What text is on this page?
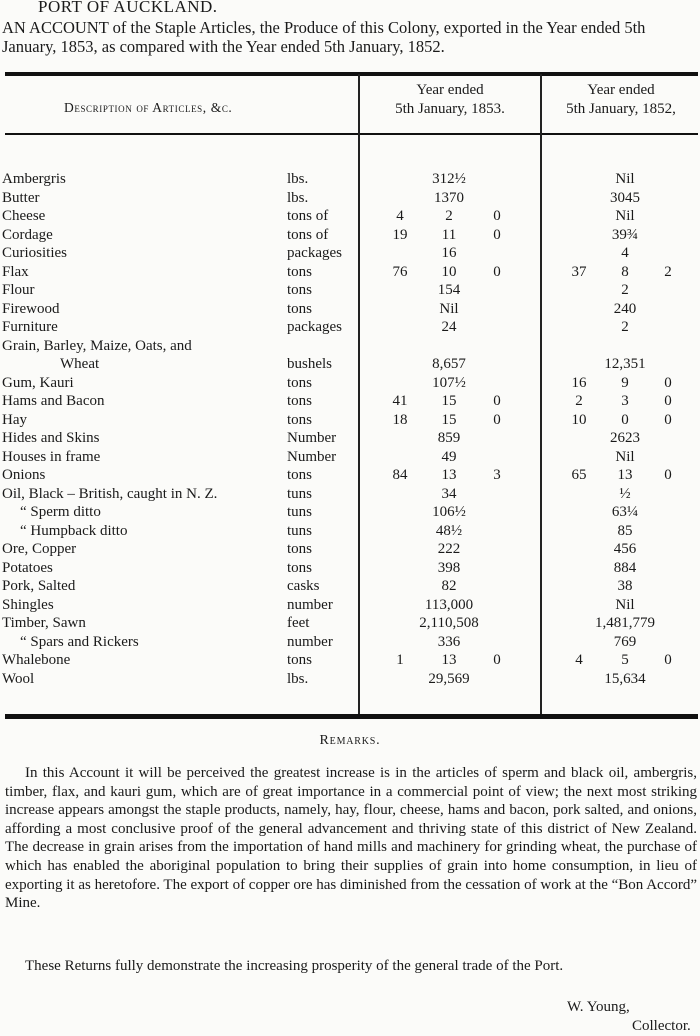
PORT OF AUCKLAND.
AN ACCOUNT of the Staple Articles, the Produce of this Colony, exported in the Year ended 5th January, 1853, as compared with the Year ended 5th January, 1852.
Description of Articles, &c.
Year ended
5th January, 1853.
Year ended
5th January, 1852,
Ambergris	lbs.	312½	Nil
Butter	lbs.	1370	3045
Cheese	tons of	4	2	0	Nil
Cordage	tons of	19	11	0	39¾
Curiosities	packages	16	4
Flax	tons	76	10	0	37	8	2
Flour	tons	154	2
Firewood	tons	Nil	240
Furniture	packages	24	2
Grain, Barley, Maize, Oats, and
Wheat	bushels	8,657	12,351
Gum, Kauri	tons	107½	16	9	0
Hams and Bacon	tons	41	15	0	2	3	0
Hay	tons	18	15	0	10	0	0
Hides and Skins	Number	859	2623
Houses in frame	Number	49	Nil
Onions	tons	84	13	3	65	13	0
Oil, Black – British, caught in N. Z.	tuns	34	½
“ Sperm ditto	tuns	106½	63¼
“ Humpback ditto	tuns	48½	85
Ore, Copper	tons	222	456
Potatoes	tons	398	884
Pork, Salted	casks	82	38
Shingles	number	113,000	Nil
Timber, Sawn	feet	2,110,508	1,481,779
“ Spars and Rickers	number	336	769
Whalebone	tons	1	13	0	4	5	0
Wool	lbs.	29,569	15,634
Remarks.
In this Account it will be perceived the greatest increase is in the articles of sperm and black oil, ambergris, timber, flax, and kauri gum, which are of great importance in a commercial point of view; the next most striking increase appears amongst the staple products, namely, hay, flour, cheese, hams and bacon, pork salted, and onions, affording a most conclusive proof of the general advancement and thriving state of this district of New Zealand. The decrease in grain arises from the importation of hand mills and machinery for grinding wheat, the purchase of which has enabled the aboriginal population to bring their supplies of grain into home consumption, in lieu of exporting it as heretofore. The export of copper ore has diminished from the cessation of work at the “Bon Accord” Mine.
These Returns fully demonstrate the increasing prosperity of the general trade of the Port.
W. Young,
Collector.
